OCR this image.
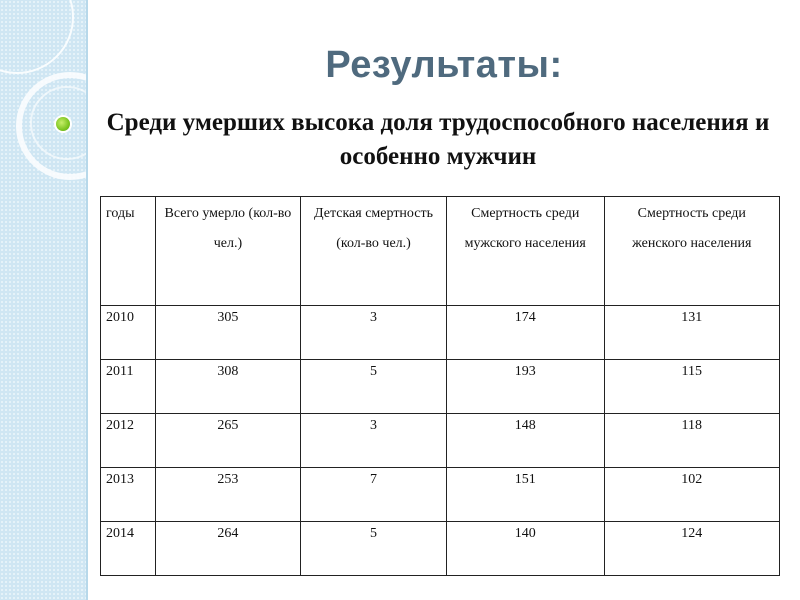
Результаты:
Среди умерших высока доля трудоспособного населения и особенно мужчин
годы	Всего умерло (кол-во чел.)	Детская смертность (кол-во чел.)	Смертность среди мужского населения	Смертность среди женского населения
2010	305	3	174	131
2011	308	5	193	115
2012	265	3	148	118
2013	253	7	151	102
2014	264	5	140	124
